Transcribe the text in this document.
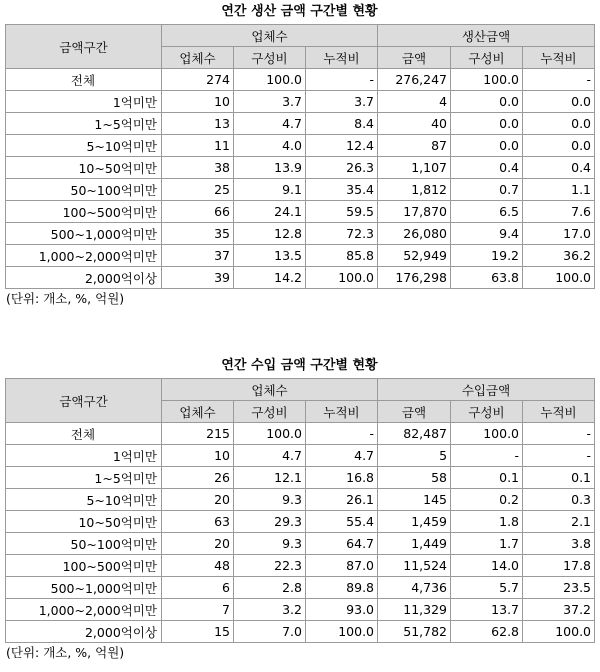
연간 생산 금액 구간별 현황
금액구간	업체수			생산금액		
	업체수	구성비	누적비	금액	구성비	누적비
전체	274	100.0	-	276,247	100.0	-
1억미만	10	3.7	3.7	4	0.0	0.0
1~5억미만	13	4.7	8.4	40	0.0	0.0
5~10억미만	11	4.0	12.4	87	0.0	0.0
10~50억미만	38	13.9	26.3	1,107	0.4	0.4
50~100억미만	25	9.1	35.4	1,812	0.7	1.1
100~500억미만	66	24.1	59.5	17,870	6.5	7.6
500~1,000억미만	35	12.8	72.3	26,080	9.4	17.0
1,000~2,000억미만	37	13.5	85.8	52,949	19.2	36.2
2,000억이상	39	14.2	100.0	176,298	63.8	100.0
(단위: 개소, %, 억원)
연간 수입 금액 구간별 현황
금액구간	업체수			수입금액		
	업체수	구성비	누적비	금액	구성비	누적비
전체	215	100.0	-	82,487	100.0	-
1억미만	10	4.7	4.7	5	-	-
1~5억미만	26	12.1	16.8	58	0.1	0.1
5~10억미만	20	9.3	26.1	145	0.2	0.3
10~50억미만	63	29.3	55.4	1,459	1.8	2.1
50~100억미만	20	9.3	64.7	1,449	1.7	3.8
100~500억미만	48	22.3	87.0	11,524	14.0	17.8
500~1,000억미만	6	2.8	89.8	4,736	5.7	23.5
1,000~2,000억미만	7	3.2	93.0	11,329	13.7	37.2
2,000억이상	15	7.0	100.0	51,782	62.8	100.0
(단위: 개소, %, 억원)
